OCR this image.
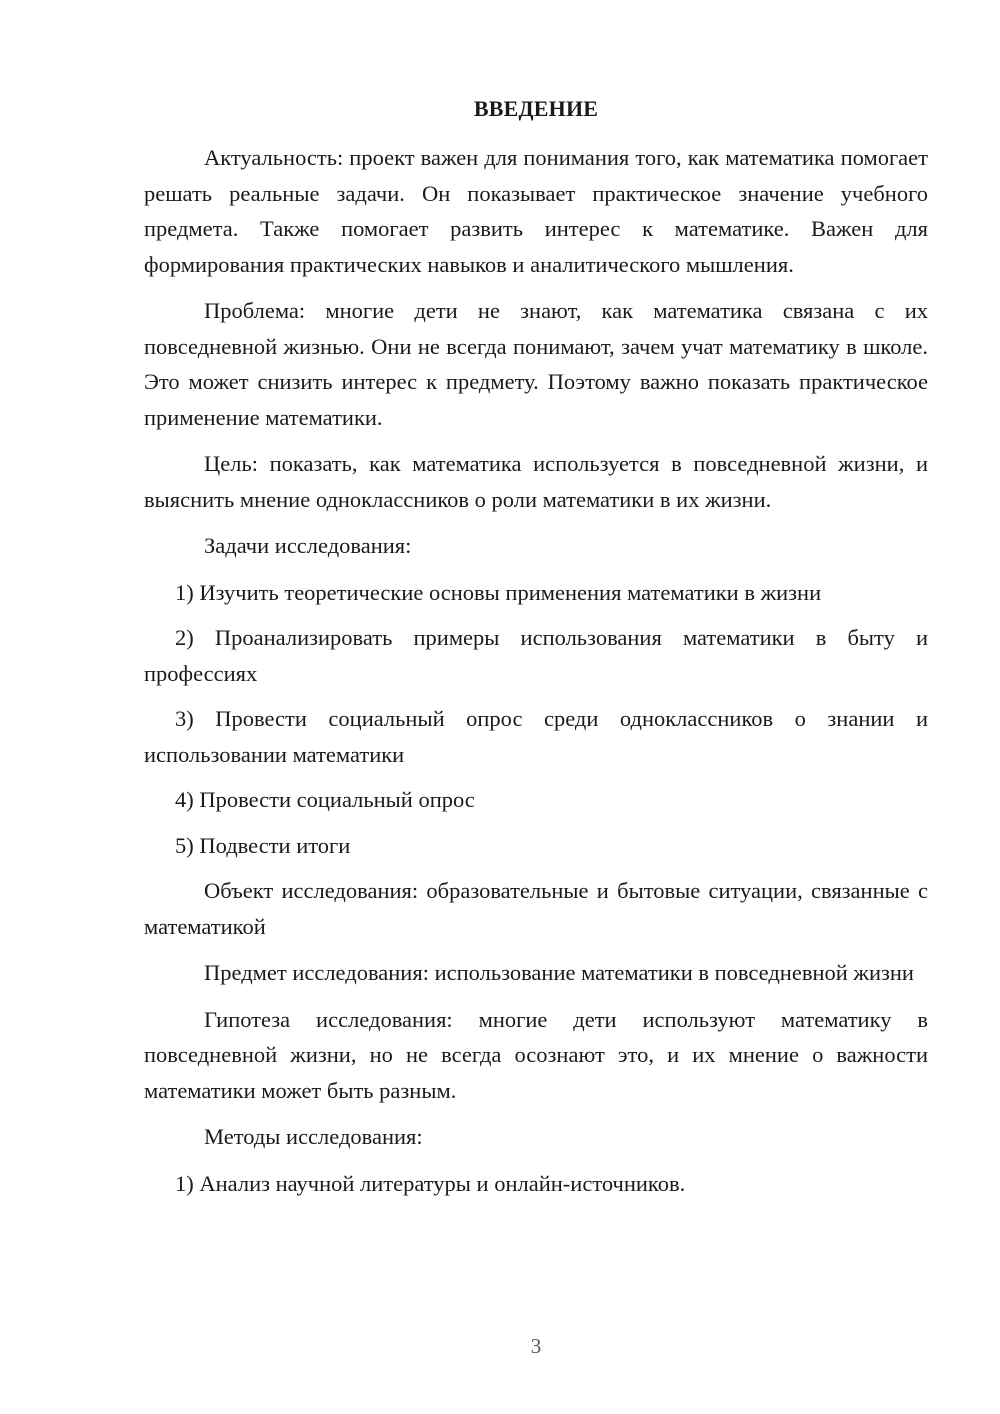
ВВЕДЕНИЕ

Актуальность: проект важен для понимания того, как математика помогает решать реальные задачи. Он показывает практическое значение учебного предмета. Также помогает развить интерес к математике. Важен для формирования практических навыков и аналитического мышления.

Проблема: многие дети не знают, как математика связана с их повседневной жизнью. Они не всегда понимают, зачем учат математику в школе. Это может снизить интерес к предмету. Поэтому важно показать практическое применение математики.

Цель: показать, как математика используется в повседневной жизни, и выяснить мнение одноклассников о роли математики в их жизни.

Задачи исследования:

1) Изучить теоретические основы применения математики в жизни

2) Проанализировать примеры использования математики в быту и профессиях

3) Провести социальный опрос среди одноклассников о знании и использовании математики

4) Провести социальный опрос

5) Подвести итоги

Объект исследования: образовательные и бытовые ситуации, связанные с математикой

Предмет исследования: использование математики в повседневной жизни

Гипотеза исследования: многие дети используют математику в повседневной жизни, но не всегда осознают это, и их мнение о важности математики может быть разным.

Методы исследования:

1) Анализ научной литературы и онлайн-источников.

3
